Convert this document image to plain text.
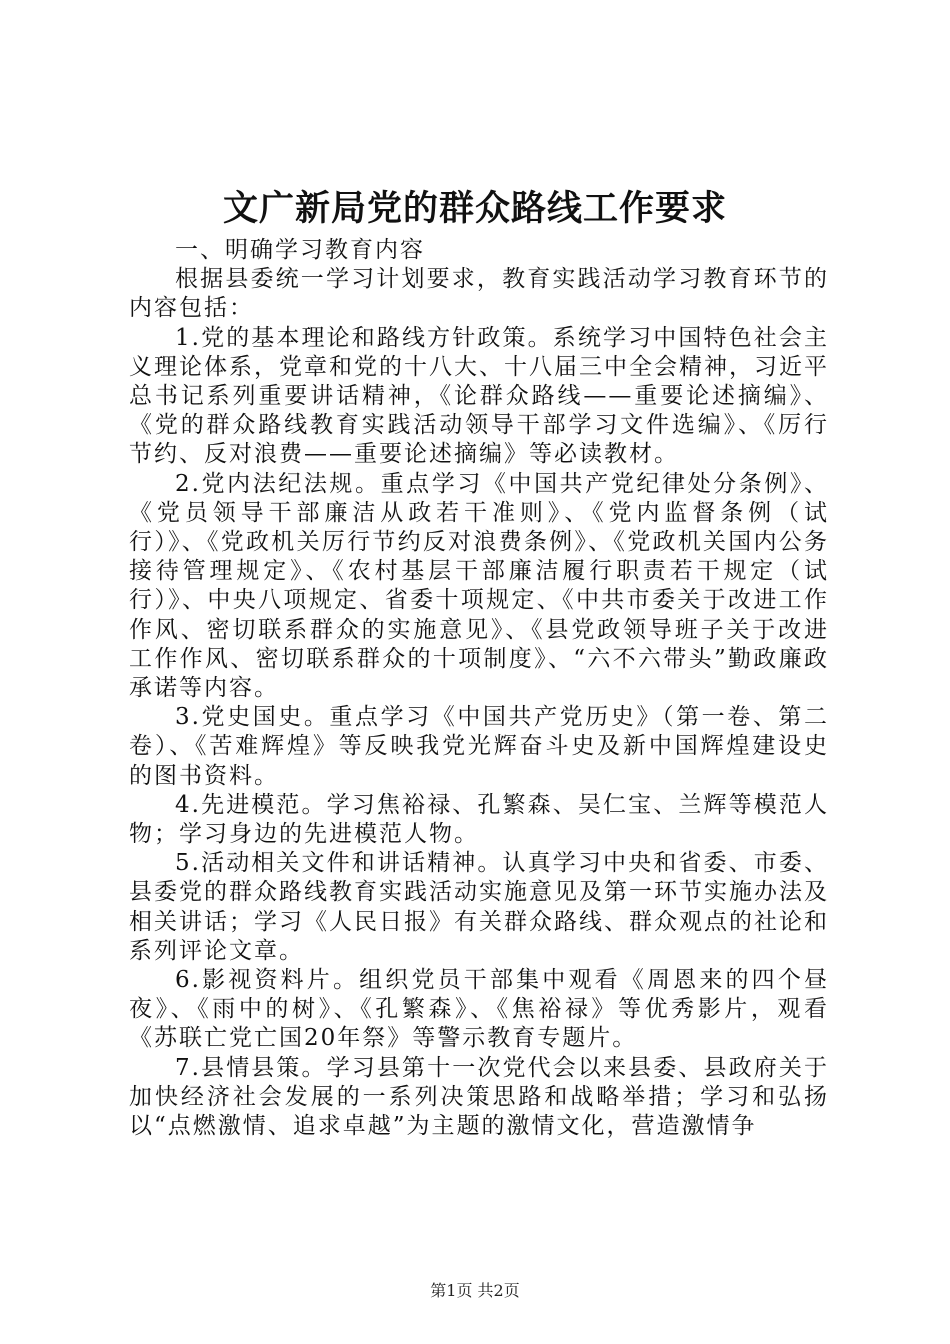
文广新局党的群众路线工作要求

一、明确学习教育内容

根据县委统一学习计划要求，教育实践活动学习教育环节的内容包括：

1.党的基本理论和路线方针政策。系统学习中国特色社会主义理论体系，党章和党的十八大、十八届三中全会精神，习近平总书记系列重要讲话精神，《论群众路线——重要论述摘编》、《党的群众路线教育实践活动领导干部学习文件选编》、《厉行节约、反对浪费——重要论述摘编》等必读教材。

2.党内法纪法规。重点学习《中国共产党纪律处分条例》、《党员领导干部廉洁从政若干准则》、《党内监督条例（试行）》、《党政机关厉行节约反对浪费条例》、《党政机关国内公务接待管理规定》、《农村基层干部廉洁履行职责若干规定（试行）》、中央八项规定、省委十项规定、《中共市委关于改进工作作风、密切联系群众的实施意见》、《县党政领导班子关于改进工作作风、密切联系群众的十项制度》、“六不六带头”勤政廉政承诺等内容。

3.党史国史。重点学习《中国共产党历史》（第一卷、第二卷）、《苦难辉煌》等反映我党光辉奋斗史及新中国辉煌建设史的图书资料。

4.先进模范。学习焦裕禄、孔繁森、吴仁宝、兰辉等模范人物；学习身边的先进模范人物。

5.活动相关文件和讲话精神。认真学习中央和省委、市委、县委党的群众路线教育实践活动实施意见及第一环节实施办法及相关讲话；学习《人民日报》有关群众路线、群众观点的社论和系列评论文章。

6.影视资料片。组织党员干部集中观看《周恩来的四个昼夜》、《雨中的树》、《孔繁森》、《焦裕禄》等优秀影片，观看《苏联亡党亡国20年祭》等警示教育专题片。

7.县情县策。学习县第十一次党代会以来县委、县政府关于加快经济社会发展的一系列决策思路和战略举措；学习和弘扬以“点燃激情、追求卓越”为主题的激情文化，营造激情争

第1页 共2页
